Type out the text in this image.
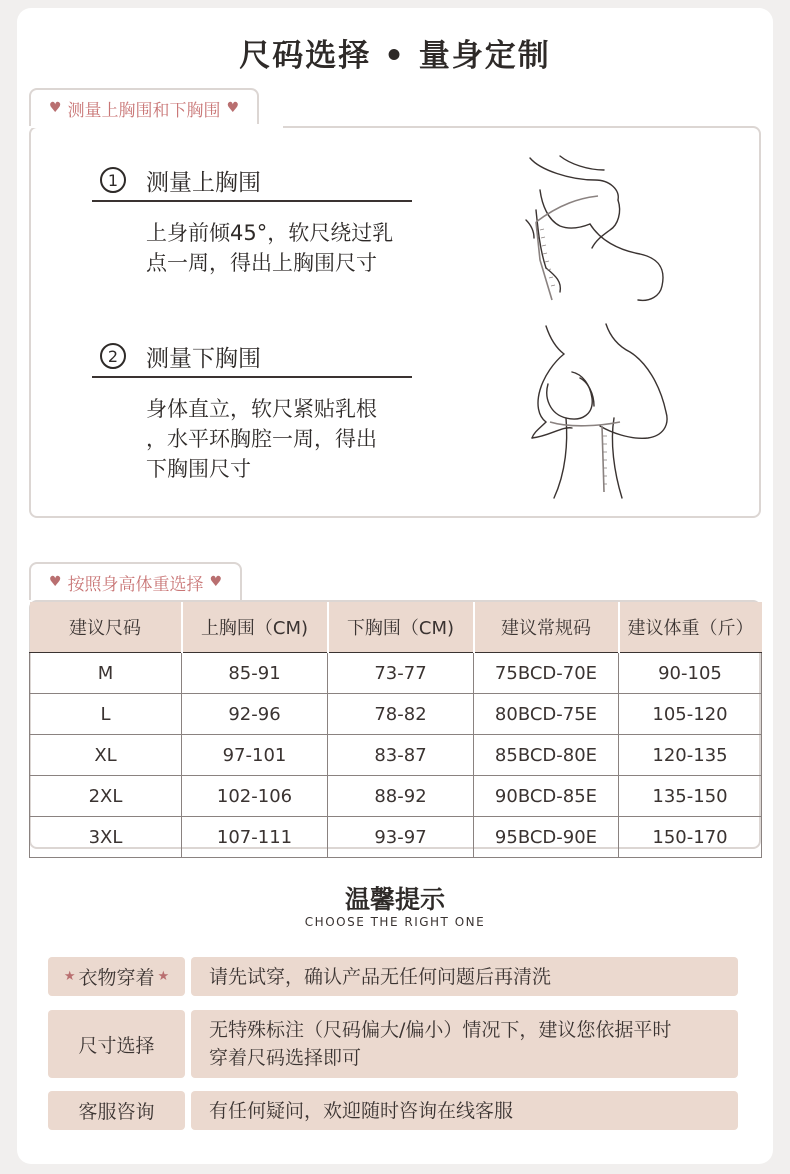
尺码选择 • 量身定制
♥ 测量上胸围和下胸围 ♥
1	测量上胸围
上身前倾45°，软尺绕过乳
点一周，得出上胸围尺寸
2	测量下胸围
身体直立，软尺紧贴乳根
，水平环胸腔一周，得出
下胸围尺寸
♥ 按照身高体重选择 ♥
建议尺码	上胸围（CM)	下胸围（CM)	建议常规码	建议体重（斤）
M	85-91	73-77	75BCD-70E	90-105
L	92-96	78-82	80BCD-75E	105-120
XL	97-101	83-87	85BCD-80E	120-135
2XL	102-106	88-92	90BCD-85E	135-150
3XL	107-111	93-97	95BCD-90E	150-170
温馨提示
CHOOSE THE RIGHT ONE
★ 衣物穿着 ★ 请先试穿，确认产品无任何问题后再清洗
尺寸选择
无特殊标注（尺码偏大/偏小）情况下，建议您依据平时
穿着尺码选择即可
客服咨询	有任何疑问，欢迎随时咨询在线客服
